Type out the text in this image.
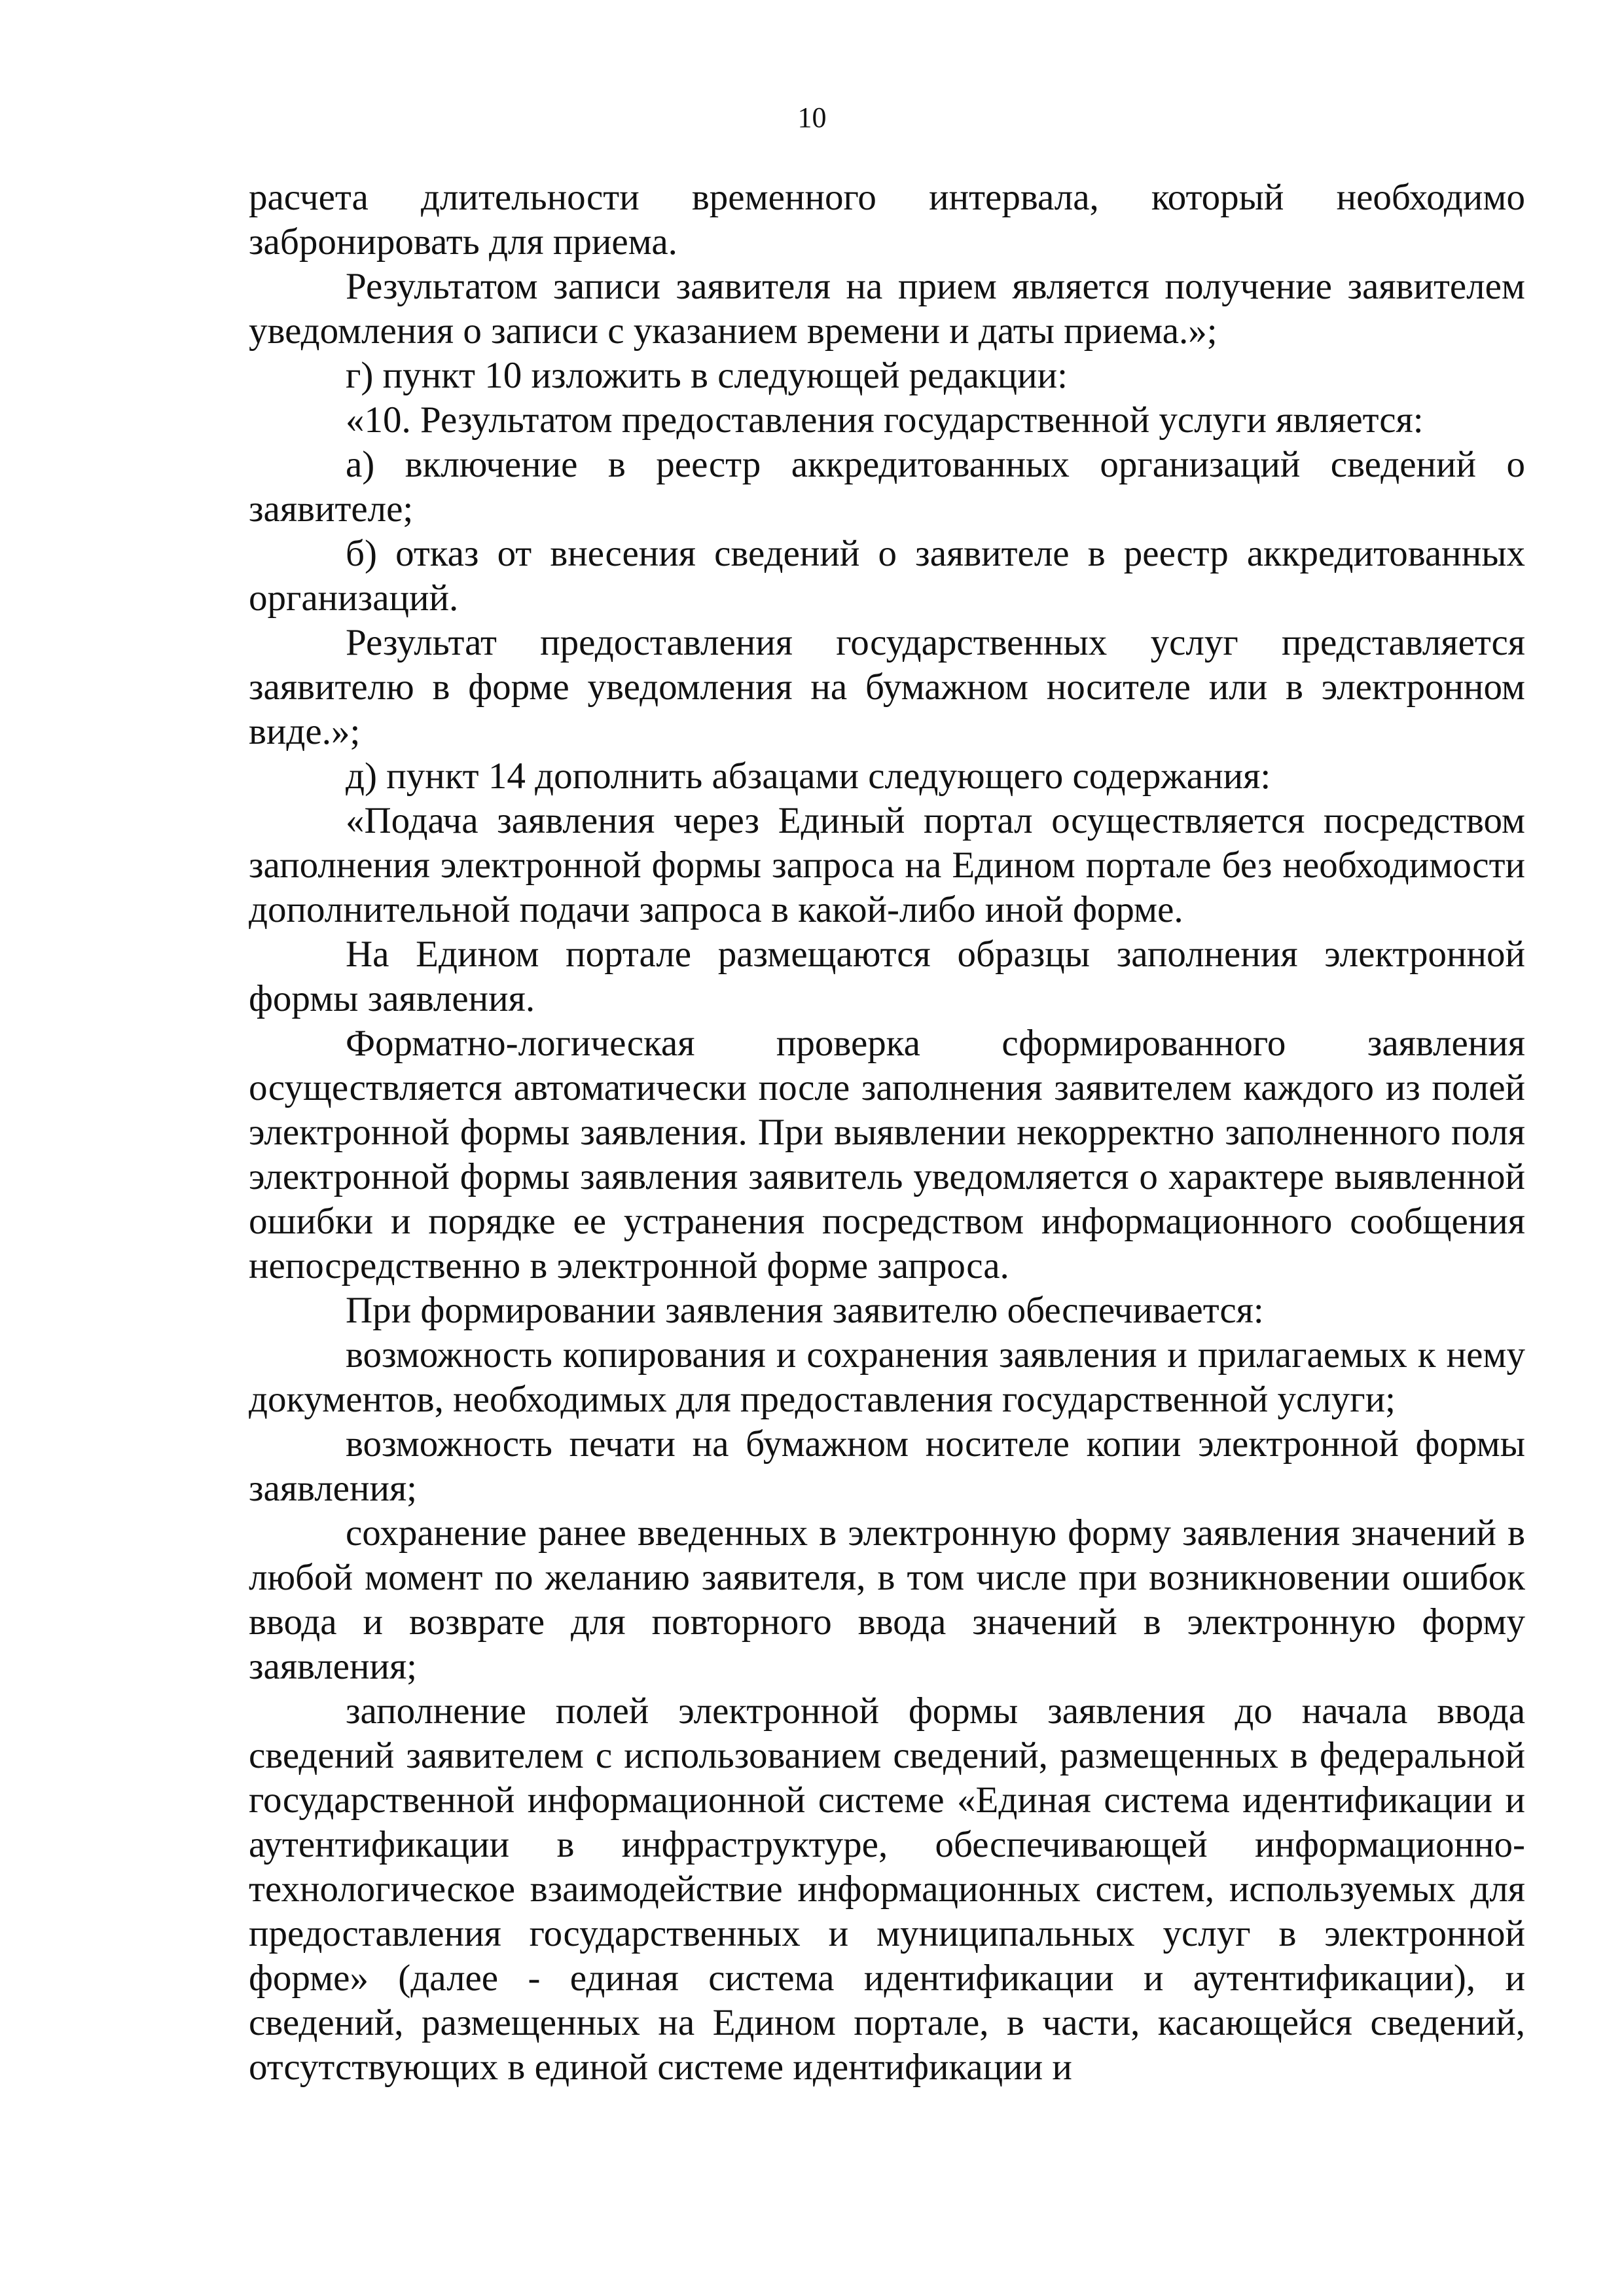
10

расчета длительности временного интервала, который необходимо забронировать для приема.

Результатом записи заявителя на прием является получение заявителем уведомления о записи с указанием времени и даты приема.»;

г) пункт 10 изложить в следующей редакции:

«10. Результатом предоставления государственной услуги является:

а) включение в реестр аккредитованных организаций сведений о заявителе;

б) отказ от внесения сведений о заявителе в реестр аккредитованных организаций.

Результат предоставления государственных услуг представляется заявителю в форме уведомления на бумажном носителе или в электронном виде.»;

д) пункт 14 дополнить абзацами следующего содержания:

«Подача заявления через Единый портал осуществляется посредством заполнения электронной формы запроса на Едином портале без необходимости дополнительной подачи запроса в какой-либо иной форме.

На Едином портале размещаются образцы заполнения электронной формы заявления.

Форматно-логическая проверка сформированного заявления осуществляется автоматически после заполнения заявителем каждого из полей электронной формы заявления. При выявлении некорректно заполненного поля электронной формы заявления заявитель уведомляется о характере выявленной ошибки и порядке ее устранения посредством информационного сообщения непосредственно в электронной форме запроса.

При формировании заявления заявителю обеспечивается:

возможность копирования и сохранения заявления и прилагаемых к нему документов, необходимых для предоставления государственной услуги;

возможность печати на бумажном носителе копии электронной формы заявления;

сохранение ранее введенных в электронную форму заявления значений в любой момент по желанию заявителя, в том числе при возникновении ошибок ввода и возврате для повторного ввода значений в электронную форму заявления;

заполнение полей электронной формы заявления до начала ввода сведений заявителем с использованием сведений, размещенных в федеральной государственной информационной системе «Единая система идентификации и аутентификации в инфраструктуре, обеспечивающей информационно-технологическое взаимодействие информационных систем, используемых для предоставления государственных и муниципальных услуг в электронной форме» (далее - единая система идентификации и аутентификации), и сведений, размещенных на Едином портале, в части, касающейся сведений, отсутствующих в единой системе идентификации и
